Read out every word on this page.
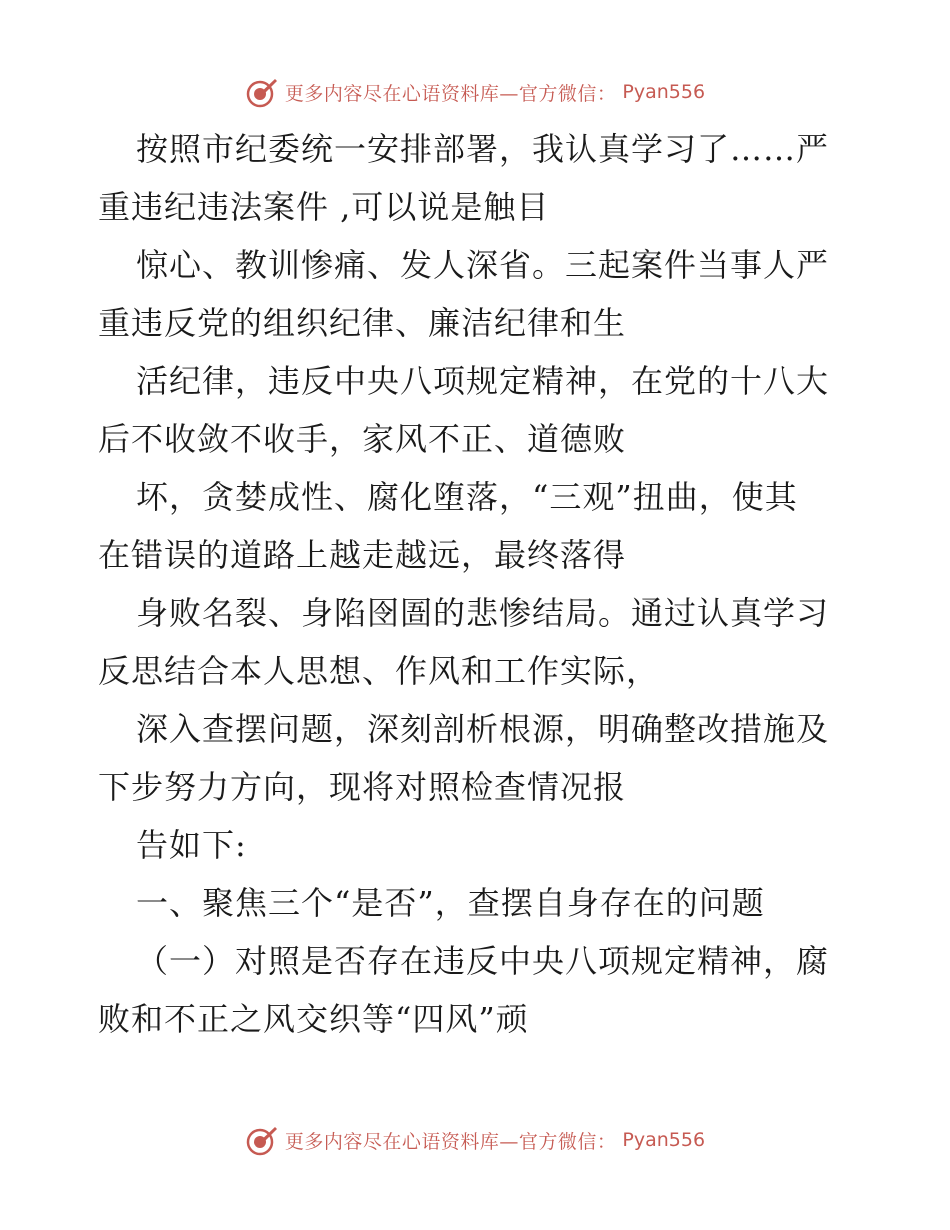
更多内容尽在心语资料库—官方微信： Pyan556
按照市纪委统一安排部署，我认真学习了……严
重违纪违法案件 ,可以说是触目
惊心、教训惨痛、发人深省。三起案件当事人严
重违反党的组织纪律、廉洁纪律和生
活纪律，违反中央八项规定精神，在党的十八大
后不收敛不收手，家风不正、道德败
坏，贪婪成性、腐化堕落，“三观”扭曲，使其
在错误的道路上越走越远，最终落得
身败名裂、身陷囹圄的悲惨结局。通过认真学习
反思结合本人思想、作风和工作实际，
深入查摆问题，深刻剖析根源，明确整改措施及
下步努力方向，现将对照检查情况报
告如下:
一、聚焦三个“是否”，查摆自身存在的问题
（一）对照是否存在违反中央八项规定精神，腐
败和不正之风交织等“四风”顽
更多内容尽在心语资料库—官方微信： Pyan556
